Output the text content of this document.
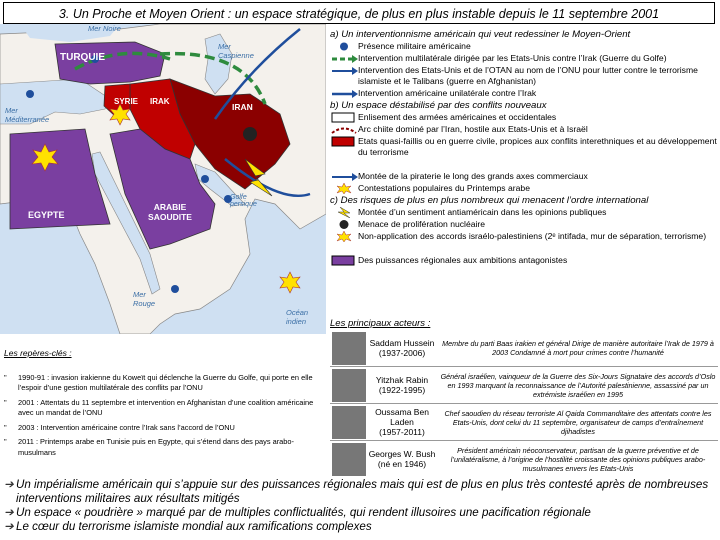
3. Un Proche et Moyen Orient : un espace stratégique, de plus en plus instable depuis le 11 septembre 2001
Mer Noire
TURQUIE
Mer Caspienne
SYRIE IRAK
IRAN
Mer Méditerranée
EGYPTE
ARABIE SAOUDITE
Golfe persique
Mer Rouge
Océan indien
a) Un interventionnisme américain qui veut redessiner le Moyen-Orient
Présence militaire américaine
Intervention multilatérale dirigée par les Etats-Unis contre l’Irak (Guerre du Golfe)
Intervention des Etats-Unis et de l’OTAN au nom de l’ONU pour lutter contre le terrorisme islamiste et le Talibans (guerre en Afghanistan)
Intervention américaine unilatérale contre l’Irak
b) Un espace déstabilisé par des conflits nouveaux
Enlisement des armées américaines et occidentales
Arc chiite dominé par l’Iran, hostile aux Etats-Unis et à Israël
Etats quasi-faillis ou en guerre civile, propices aux conflits interethniques et au développement du terrorisme
Montée de la piraterie le long des grands axes commerciaux
Contestations populaires du Printemps arabe
c) Des risques de plus en plus nombreux qui menacent l’ordre international
Montée d’un sentiment antiaméricain dans les opinions publiques
Menace de prolifération nucléaire
Non-application des accords israélo-palestiniens (2ᵉ intifada, mur de séparation, terrorisme)
Des puissances régionales aux ambitions antagonistes
Les principaux acteurs :
Saddam Hussein
(1937-2006)
Membre du parti Baas irakien et général Dirige de manière autoritaire l’Irak de 1979 à 2003 Condamné à mort pour crimes contre l’humanité
Yitzhak Rabin
(1922-1995)
Général israélien, vainqueur de la Guerre des Six-Jours Signataire des accords d’Oslo en 1993 marquant la reconnaissance de l’Autorité palestinienne, assassiné par un extrémiste israélien en 1995
Oussama Ben Laden
(1957-2011)
Chef saoudien du réseau terroriste Al Qaida Commanditaire des attentats contre les Etats-Unis, dont celui du 11 septembre, organisateur de camps d’entraînement djihadistes
Georges W. Bush (né en 1946)
Président américain néoconservateur, partisan de la guerre préventive et de l’unilatéralisme, à l’origine de l’hostilité croissante des opinions publiques arabo-musulmanes envers les Etats-Unis
Les repères-clés :
"	1990-91 : invasion irakienne du Koweït qui déclenche la Guerre du Golfe, qui porte en elle l’espoir d’une gestion multilatérale des conflits par l’ONU
"	2001 : Attentats du 11 septembre et intervention en Afghanistan d’une coalition américaine avec un mandat de l’ONU
"	2003 : Intervention américaine contre l’Irak sans l’accord de l’ONU
"	2011 : Printemps arabe en Tunisie puis en Egypte, qui s’étend dans des pays arabo-musulmans
➔ Un impérialisme américain qui s’appuie sur des puissances régionales mais qui est de plus en plus très contesté après de nombreuses interventions militaires aux résultats mitigés
➔ Un espace « poudrière » marqué par de multiples conflictualités, qui rendent illusoires une pacification régionale
➔ Le cœur du terrorisme islamiste mondial aux ramifications complexes
